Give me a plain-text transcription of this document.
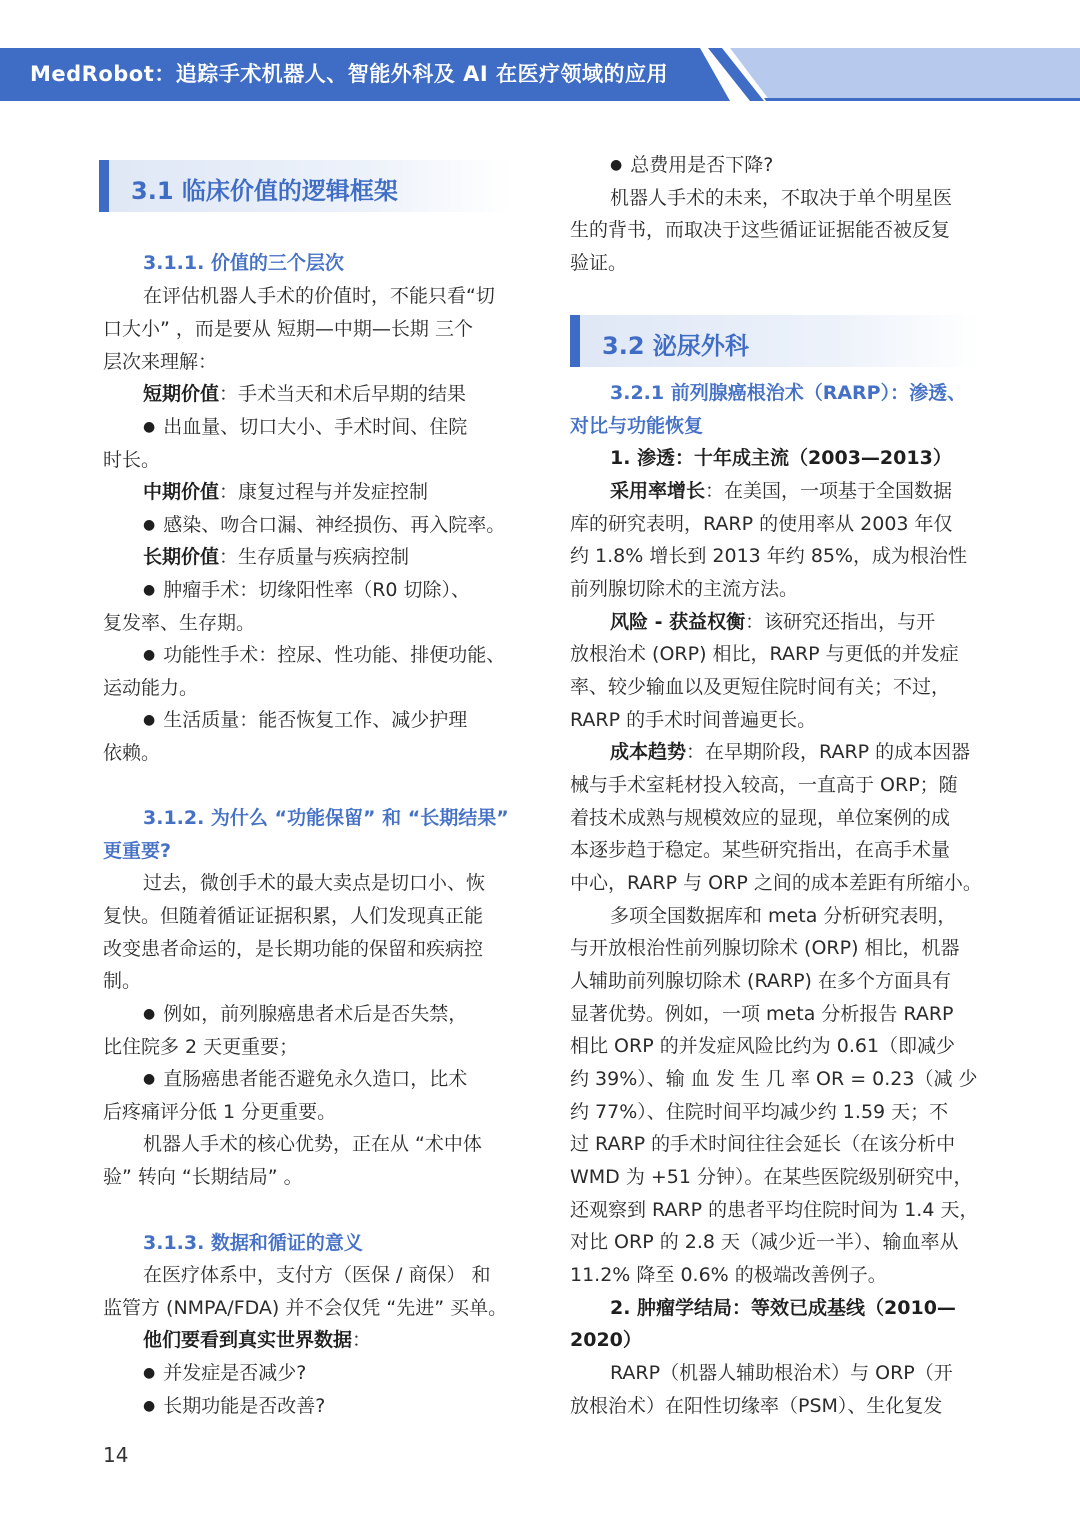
MedRobot：追踪手术机器人、智能外科及 AI 在医疗领域的应用
3.1 临床价值的逻辑框架
3.1.1. 价值的三个层次
在评估机器人手术的价值时，不能只看“切
口大小” ，而是要从 短期—中期—长期 三个
层次来理解：
短期价值：手术当天和术后早期的结果
● 出血量、切口大小、手术时间、住院
时长。
中期价值：康复过程与并发症控制
● 感染、吻合口漏、神经损伤、再入院率。
长期价值：生存质量与疾病控制
● 肿瘤手术：切缘阳性率（R0 切除）、
复发率、生存期。
● 功能性手术：控尿、性功能、排便功能、
运动能力。
● 生活质量：能否恢复工作、减少护理
依赖。
3.1.2. 为什么 “功能保留” 和 “长期结果”
更重要?
过去，微创手术的最大卖点是切口小、恢
复快。但随着循证证据积累，人们发现真正能
改变患者命运的，是长期功能的保留和疾病控
制。
● 例如，前列腺癌患者术后是否失禁，
比住院多 2 天更重要；
● 直肠癌患者能否避免永久造口，比术
后疼痛评分低 1 分更重要。
机器人手术的核心优势，正在从 “术中体
验” 转向 “长期结局” 。
3.1.3. 数据和循证的意义
在医疗体系中，支付方（医保 / 商保） 和
监管方 (NMPA/FDA) 并不会仅凭 “先进” 买单。
他们要看到真实世界数据：
● 并发症是否减少?
● 长期功能是否改善?
● 总费用是否下降?
机器人手术的未来，不取决于单个明星医
生的背书，而取决于这些循证证据能否被反复
验证。
3.2 泌尿外科
3.2.1 前列腺癌根治术（RARP）：渗透、
对比与功能恢复
1. 渗透：十年成主流（2003—2013）
采用率增长：在美国，一项基于全国数据
库的研究表明，RARP 的使用率从 2003 年仅
约 1.8% 增长到 2013 年约 85%，成为根治性
前列腺切除术的主流方法。
风险 - 获益权衡：该研究还指出，与开
放根治术 (ORP) 相比，RARP 与更低的并发症
率、较少输血以及更短住院时间有关；不过，
RARP 的手术时间普遍更长。
成本趋势：在早期阶段，RARP 的成本因器
械与手术室耗材投入较高，一直高于 ORP；随
着技术成熟与规模效应的显现，单位案例的成
本逐步趋于稳定。某些研究指出，在高手术量
中心，RARP 与 ORP 之间的成本差距有所缩小。
多项全国数据库和 meta 分析研究表明，
与开放根治性前列腺切除术 (ORP) 相比，机器
人辅助前列腺切除术 (RARP) 在多个方面具有
显著优势。例如，一项 meta 分析报告 RARP
相比 ORP 的并发症风险比约为 0.61（即减少
约 39%）、输 血 发 生 几 率 OR = 0.23（减 少
约 77%）、住院时间平均减少约 1.59 天；不
过 RARP 的手术时间往往会延长（在该分析中
WMD 为 +51 分钟）。在某些医院级别研究中，
还观察到 RARP 的患者平均住院时间为 1.4 天，
对比 ORP 的 2.8 天（减少近一半）、输血率从
11.2% 降至 0.6% 的极端改善例子。
2. 肿瘤学结局：等效已成基线（2010—
2020）
RARP（机器人辅助根治术）与 ORP（开
放根治术）在阳性切缘率（PSM）、生化复发
14
